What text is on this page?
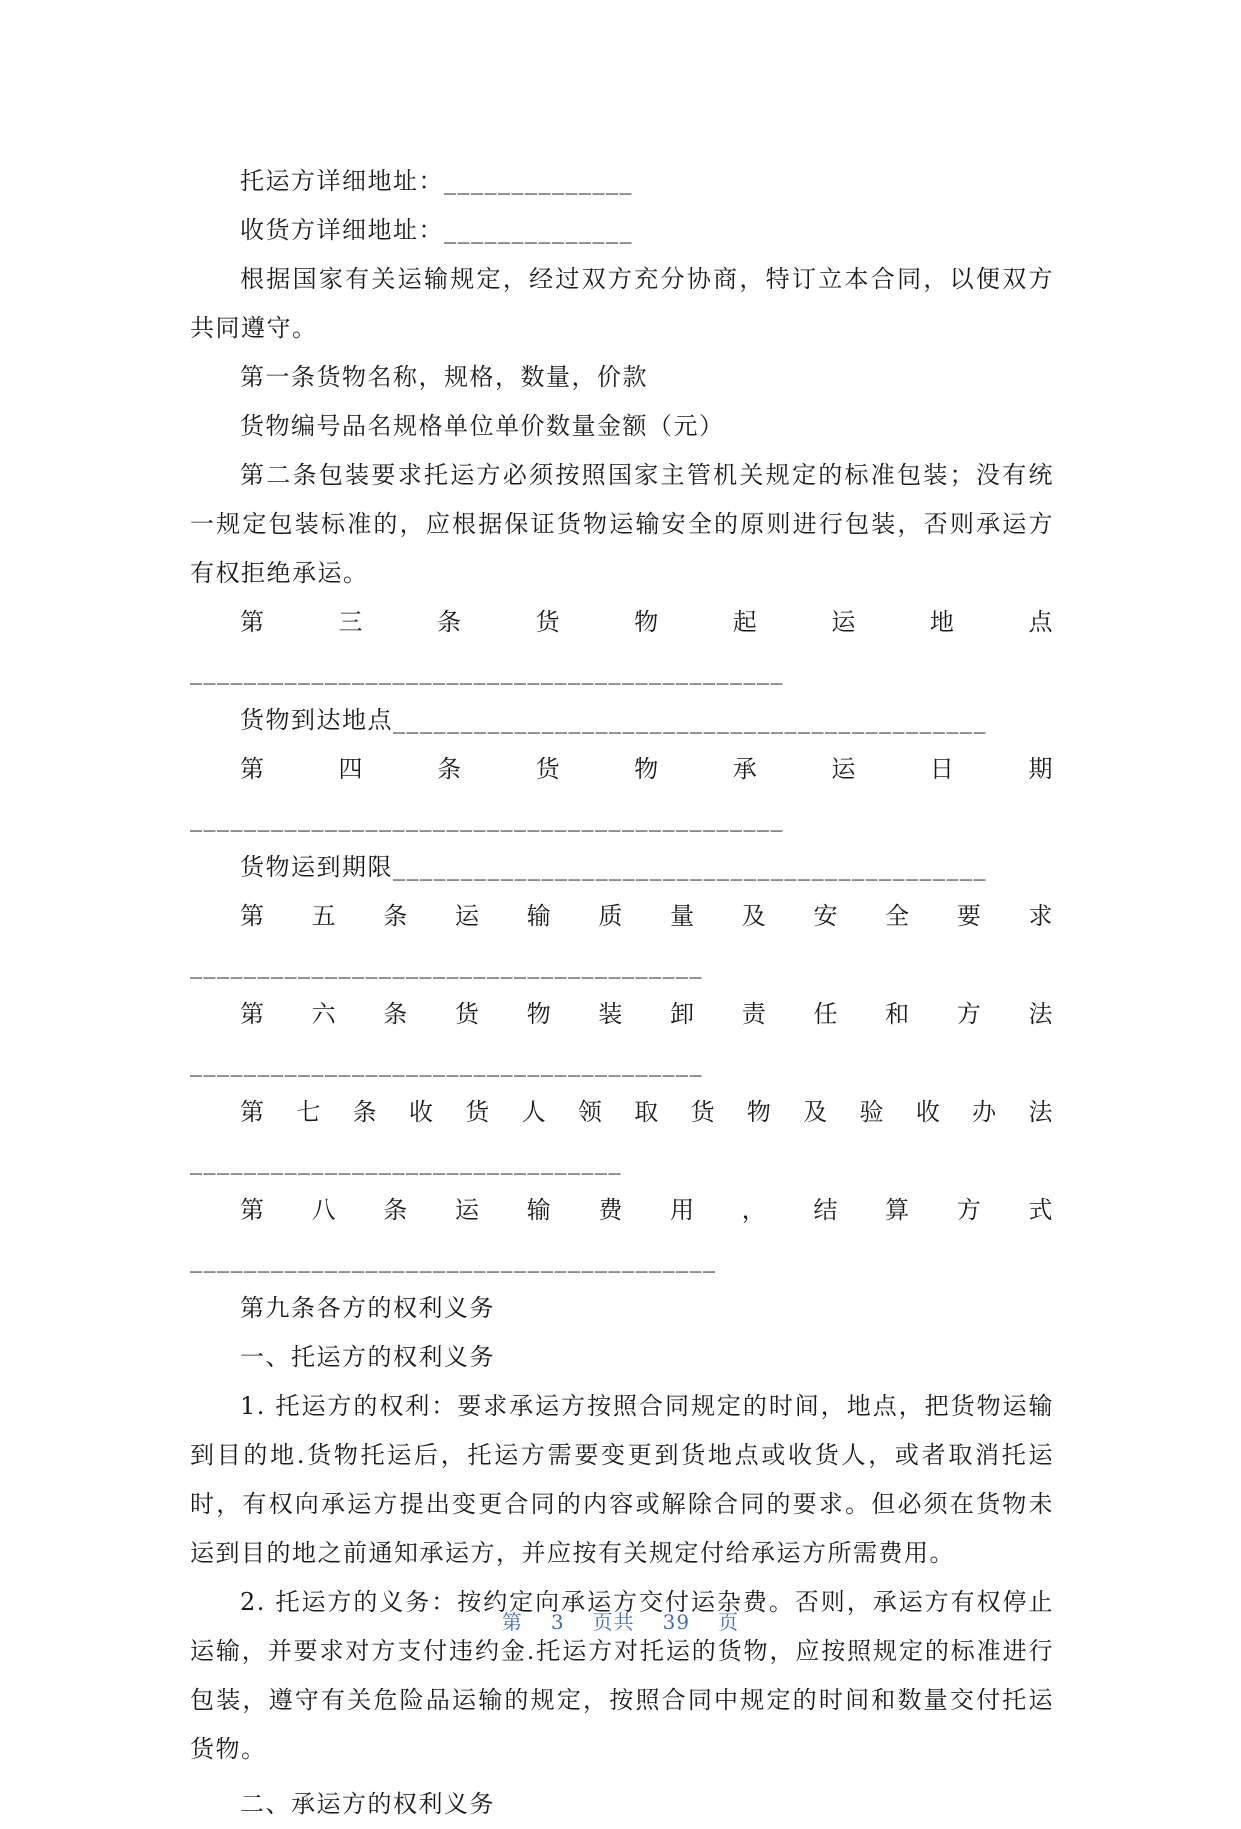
托运方详细地址：______________

收货方详细地址：______________

根据国家有关运输规定，经过双方充分协商，特订立本合同，以便双方共同遵守。

第一条货物名称，规格，数量，价款

货物编号品名规格单位单价数量金额（元）

第二条包装要求托运方必须按照国家主管机关规定的标准包装；没有统一规定包装标准的，应根据保证货物运输安全的原则进行包装，否则承运方有权拒绝承运。

第三条货物起运地点____________________________________________

货物到达地点____________________________________________

第四条货物承运日期____________________________________________

货物运到期限____________________________________________

第五条运输质量及安全要求______________________________________

第六条货物装卸责任和方法______________________________________

第七条收货人领取货物及验收办法________________________________

第八条运输费用，结算方式_______________________________________

第九条各方的权利义务

一、托运方的权利义务

1. 托运方的权利：要求承运方按照合同规定的时间，地点，把货物运输到目的地.货物托运后，托运方需要变更到货地点或收货人，或者取消托运时，有权向承运方提出变更合同的内容或解除合同的要求。但必须在货物未运到目的地之前通知承运方，并应按有关规定付给承运方所需费用。

2. 托运方的义务：按约定向承运方交付运杂费。否则，承运方有权停止运输，并要求对方支付违约金.托运方对托运的货物，应按照规定的标准进行包装，遵守有关危险品运输的规定，按照合同中规定的时间和数量交付托运货物。

二、承运方的权利义务

第 3 页共 39 页
